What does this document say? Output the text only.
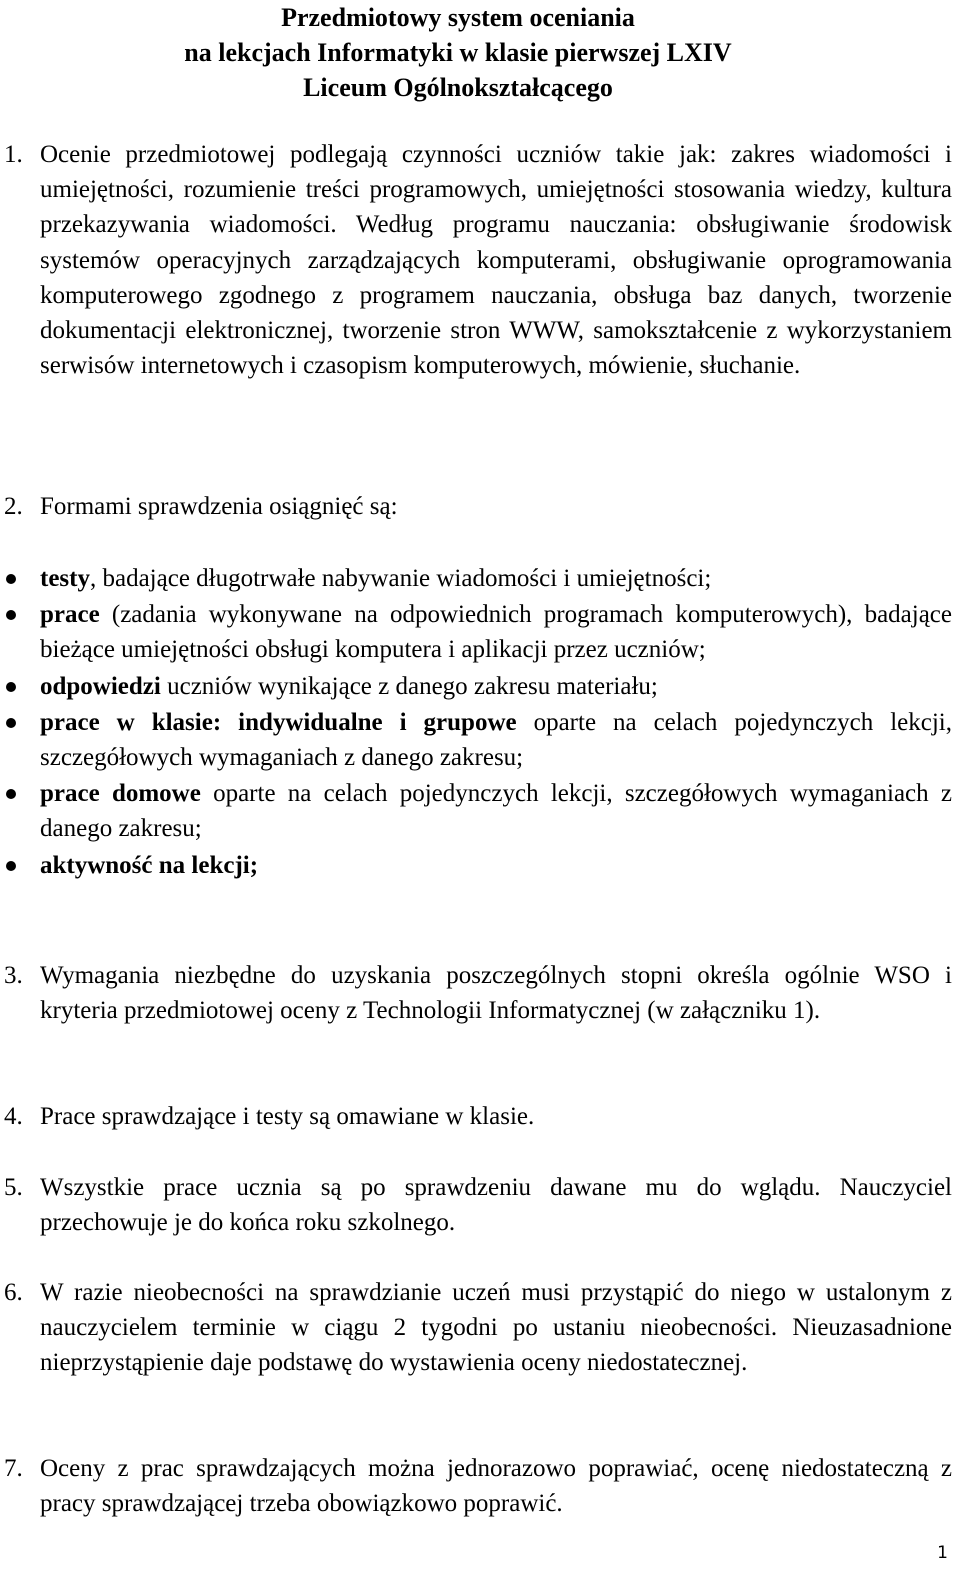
Przedmiotowy system oceniania
na lekcjach Informatyki w klasie pierwszej LXIV
Liceum Ogólnokształcącego
1. Ocenie przedmiotowej podlegają czynności uczniów takie jak: zakres wiadomości i umiejętności, rozumienie treści programowych, umiejętności stosowania wiedzy, kultura przekazywania wiadomości. Według programu nauczania: obsługiwanie środowisk systemów operacyjnych zarządzających komputerami, obsługiwanie oprogramowania komputerowego zgodnego z programem nauczania, obsługa baz danych, tworzenie dokumentacji elektronicznej, tworzenie stron WWW, samokształcenie z wykorzystaniem serwisów internetowych i czasopism komputerowych, mówienie, słuchanie.
2. Formami sprawdzenia osiągnięć są:
testy, badające długotrwałe nabywanie wiadomości i umiejętności;
prace (zadania wykonywane na odpowiednich programach komputerowych), badające bieżące umiejętności obsługi komputera i aplikacji przez uczniów;
odpowiedzi uczniów wynikające z danego zakresu materiału;
prace w klasie: indywidualne i grupowe oparte na celach pojedynczych lekcji, szczegółowych wymaganiach z danego zakresu;
prace domowe oparte na celach pojedynczych lekcji, szczegółowych wymaganiach z danego zakresu;
aktywność na lekcji;
3. Wymagania niezbędne do uzyskania poszczególnych stopni określa ogólnie WSO i kryteria przedmiotowej oceny z Technologii Informatycznej (w załączniku 1).
4. Prace sprawdzające i testy są omawiane w klasie.
5. Wszystkie prace ucznia są po sprawdzeniu dawane mu do wglądu. Nauczyciel przechowuje je do końca roku szkolnego.
6. W razie nieobecności na sprawdzianie uczeń musi przystąpić do niego w ustalonym z nauczycielem terminie w ciągu 2 tygodni po ustaniu nieobecności. Nieuzasadnione nieprzystąpienie daje podstawę do wystawienia oceny niedostatecznej.
7. Oceny z prac sprawdzających można jednorazowo poprawiać, ocenę niedostateczną z pracy sprawdzającej trzeba obowiązkowo poprawić.
1
